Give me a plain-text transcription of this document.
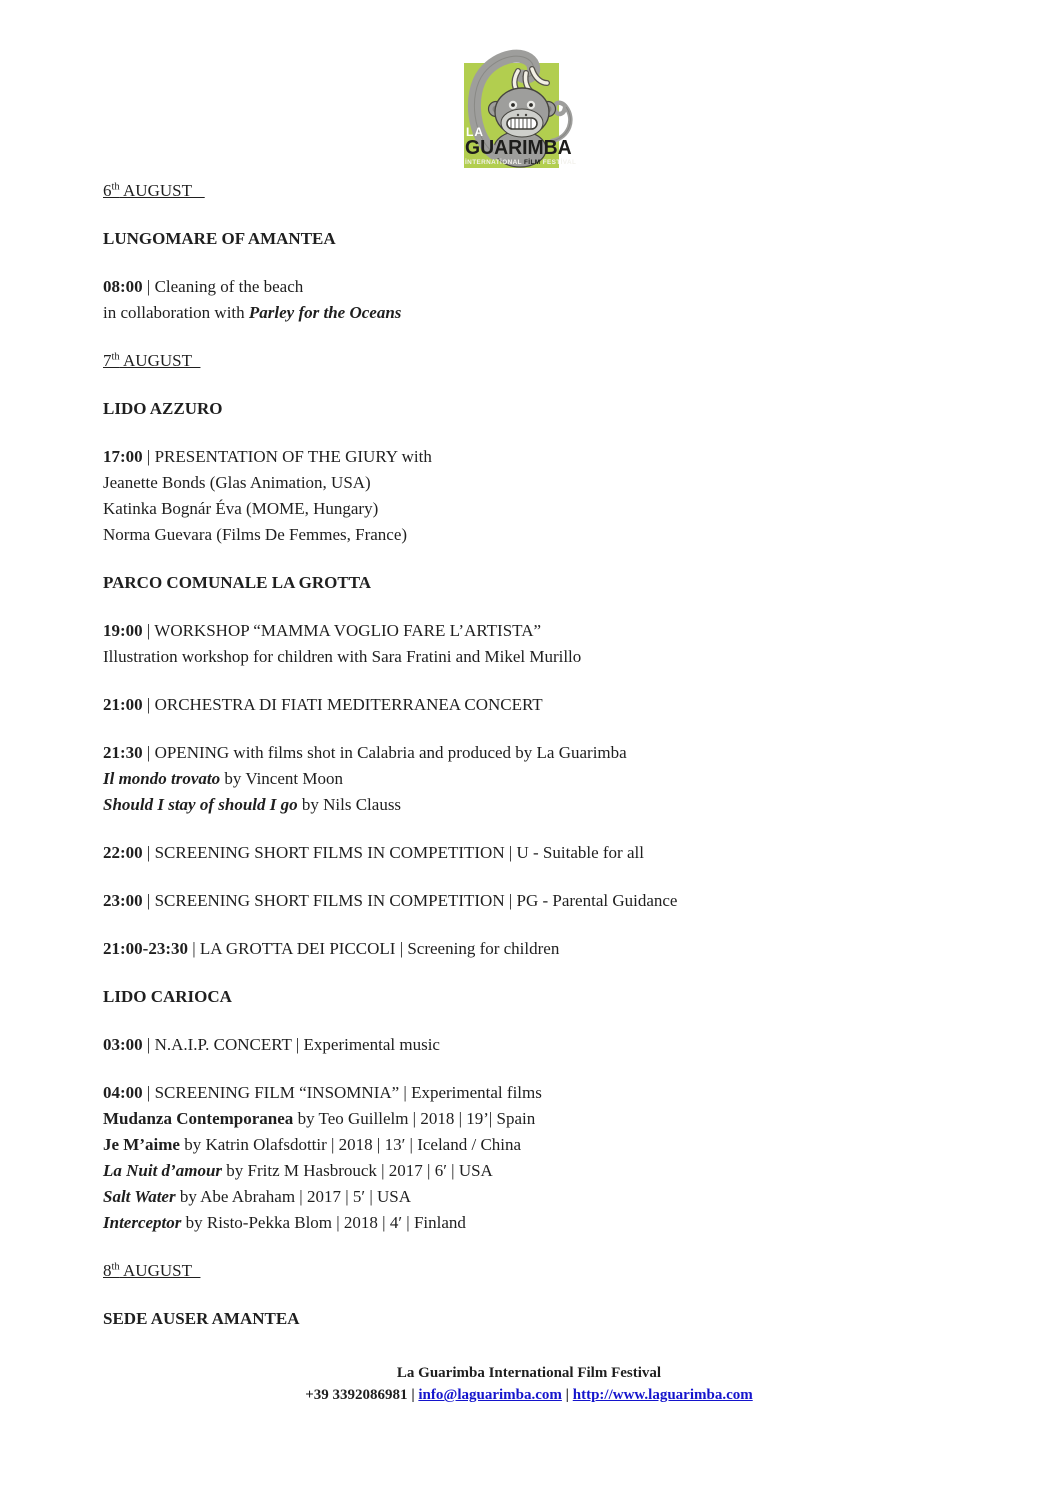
LA
GUARIMBA
İNTERNATİONAL FİLM FESTİVAL
6th AUGUST
LUNGOMARE OF AMANTEA
08:00 | Cleaning of the beach
in collaboration with Parley for the Oceans
7th AUGUST
LIDO AZZURO
17:00 | PRESENTATION OF THE GIURY with
Jeanette Bonds (Glas Animation, USA)
Katinka Bognár Éva (MOME, Hungary)
Norma Guevara (Films De Femmes, France)
PARCO COMUNALE LA GROTTA
19:00 | WORKSHOP “MAMMA VOGLIO FARE L’ARTISTA”
Illustration workshop for children with Sara Fratini and Mikel Murillo
21:00 | ORCHESTRA DI FIATI MEDITERRANEA CONCERT
21:30 | OPENING with films shot in Calabria and produced by La Guarimba
Il mondo trovato by Vincent Moon
Should I stay of should I go by Nils Clauss
22:00 | SCREENING SHORT FILMS IN COMPETITION | U - Suitable for all
23:00 | SCREENING SHORT FILMS IN COMPETITION | PG - Parental Guidance
21:00-23:30 | LA GROTTA DEI PICCOLI | Screening for children
LIDO CARIOCA
03:00 | N.A.I.P. CONCERT | Experimental music
04:00 | SCREENING FILM “INSOMNIA” | Experimental films
Mudanza Contemporanea by Teo Guillelm | 2018 | 19’| Spain
Je M’aime by Katrin Olafsdottir | 2018 | 13′ | Iceland / China
La Nuit d’amour by Fritz M Hasbrouck | 2017 | 6′ | USA
Salt Water by Abe Abraham | 2017 | 5′ | USA
Interceptor by Risto-Pekka Blom | 2018 | 4′ | Finland
8th AUGUST
SEDE AUSER AMANTEA
La Guarimba International Film Festival
+39 3392086981 | info@laguarimba.com | http://www.laguarimba.com
